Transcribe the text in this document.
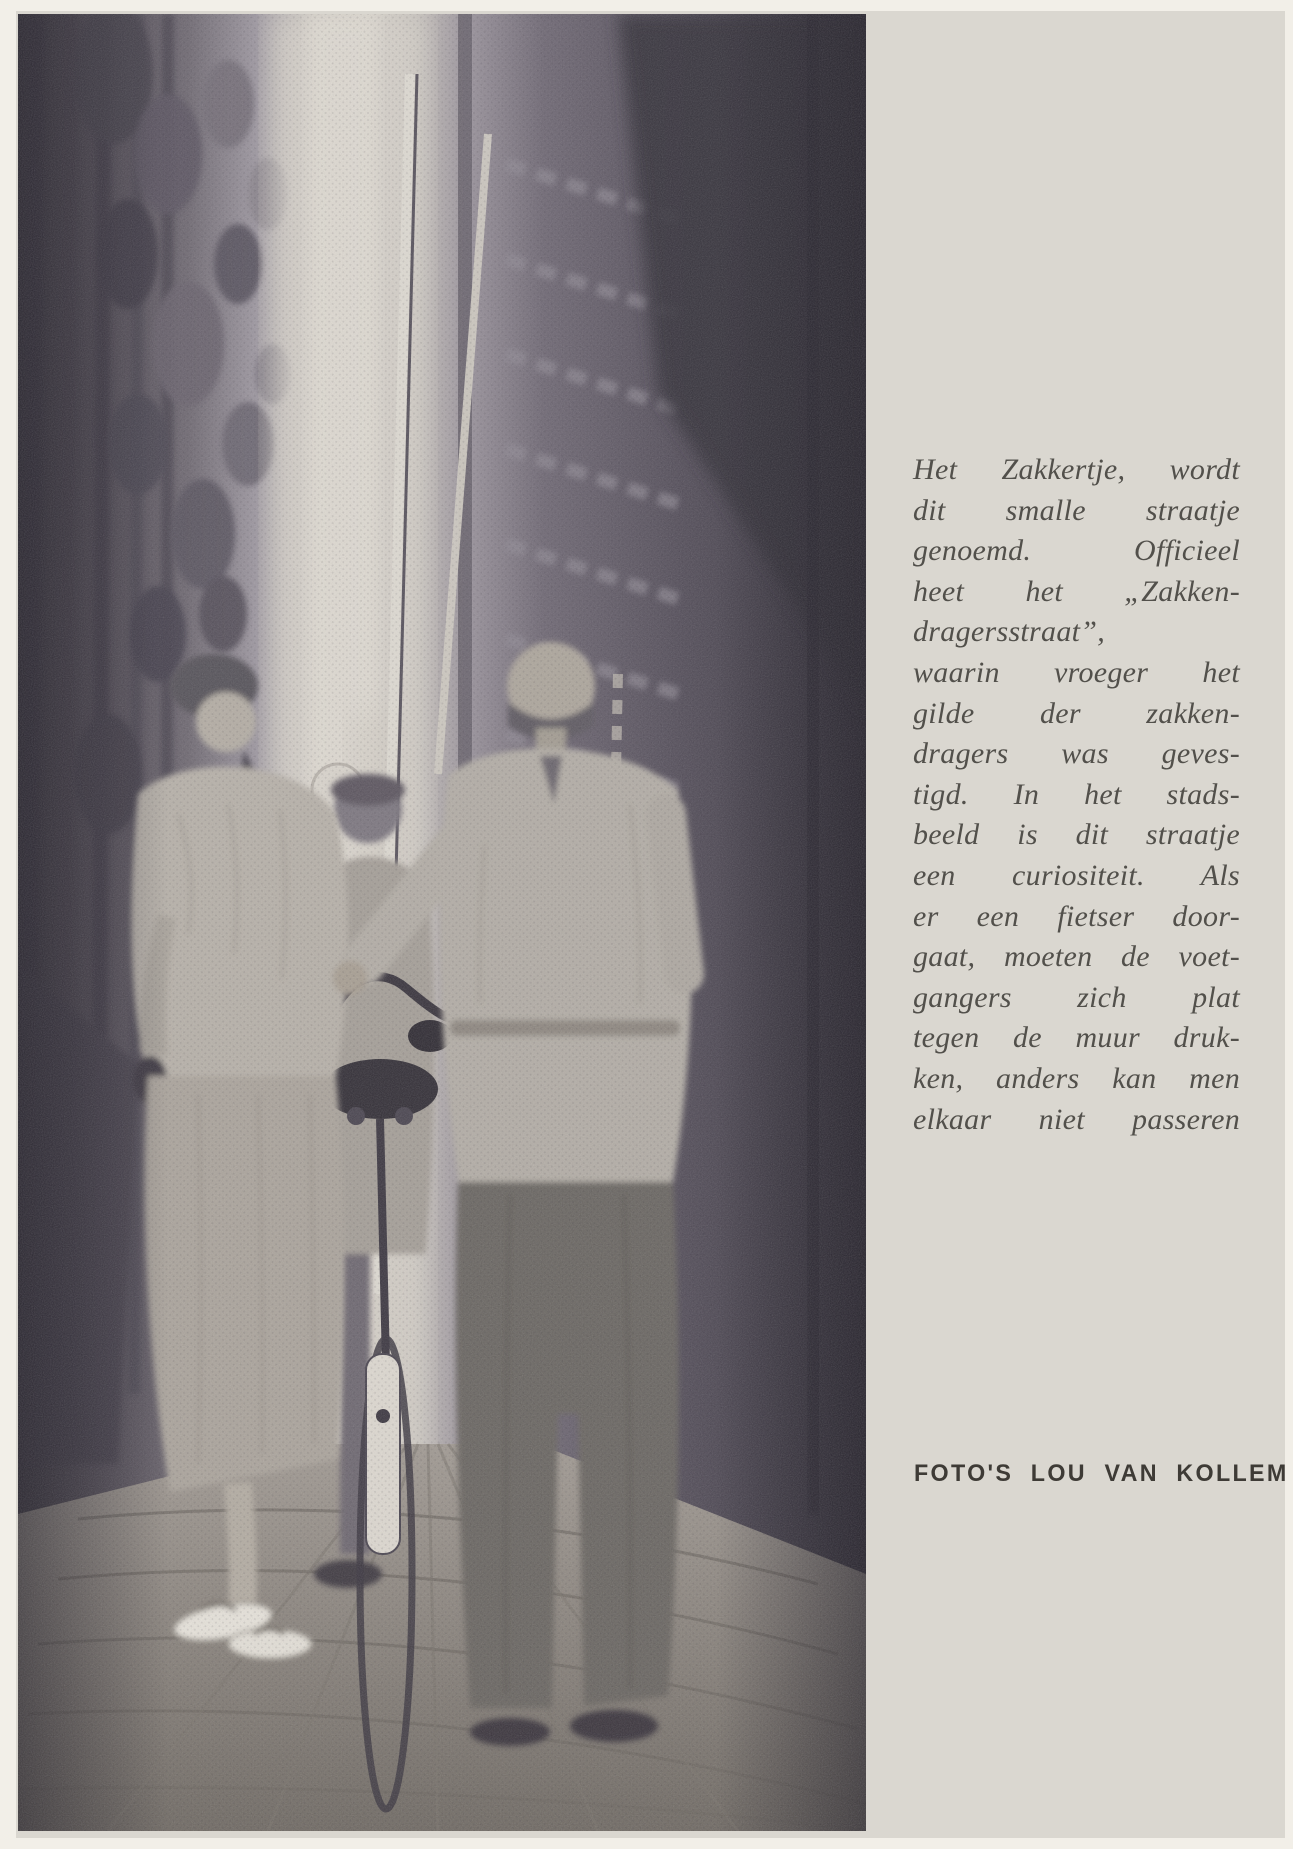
Het Zakkertje, wordt
dit smalle straatje
genoemd. Officieel
heet het „Zakken-
dragersstraat”,
waarin vroeger het
gilde der zakken-
dragers was geves-
tigd. In het stads-
beeld is dit straatje
een curiositeit. Als
er een fietser door-
gaat, moeten de voet-
gangers zich plat
tegen de muur druk-
ken, anders kan men
elkaar niet passeren
FOTO'S LOU VAN KOLLEM
